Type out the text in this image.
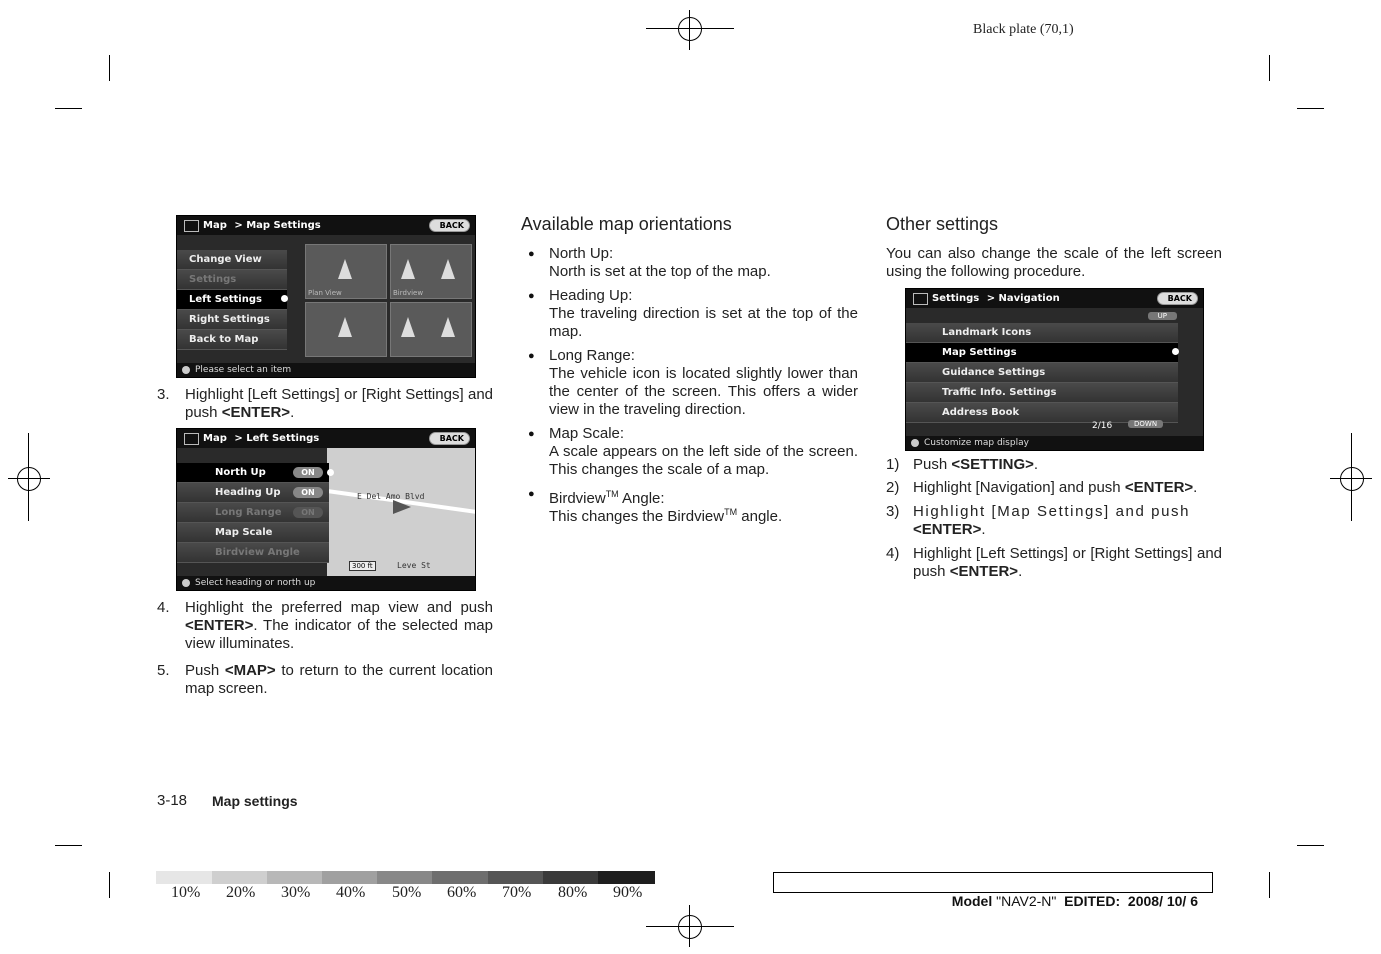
Black plate (70,1)
Map > Map Settings	BACK
Change View
Settings
Left Settings
Right Settings
Back to Map
Plan View	Birdview
Please select an item
3. Highlight [Left Settings] or [Right Settings] and push <ENTER>.

Map > Left Settings	BACK
E Del Amo Blvd
Leve St
300 ft
North Up	ON
Heading Up	ON
Long Range ON
Map Scale
Birdview Angle
Select heading or north up
4. Highlight the preferred map view and push <ENTER>. The indicator of the selected map view illuminates.

5. Push <MAP> to return to the current location map screen.

Available map orientations
● North Up:

North is set at the top of the map.

● Heading Up:

The traveling direction is set at the top of the map.

● Long Range:

The vehicle icon is located slightly lower than the center of the screen. This offers a wider view in the traveling direction.

● Map Scale:

A scale appears on the left side of the screen. This changes the scale of a map.

● Birdview™ Angle:

This changes the Birdview™ angle.

Other settings

You can also change the scale of the left screen using the following procedure.

Settings > Navigation	BACK
UP
Landmark Icons
Map Settings
Guidance Settings
Traffic Info. Settings
Address Book
2/16	DOWN
Customize map display
1) Push <SETTING>.

2) Highlight [Navigation] and push <ENTER>.

3) Highlight [Map Settings] and push
<ENTER>.

4) Highlight [Left Settings] or [Right Settings] and push <ENTER>.

3-18 Map settings
10% 20% 30% 40% 50% 60% 70% 80% 90%	Model "NAV2-N"  EDITED:  2008/ 10/ 6
